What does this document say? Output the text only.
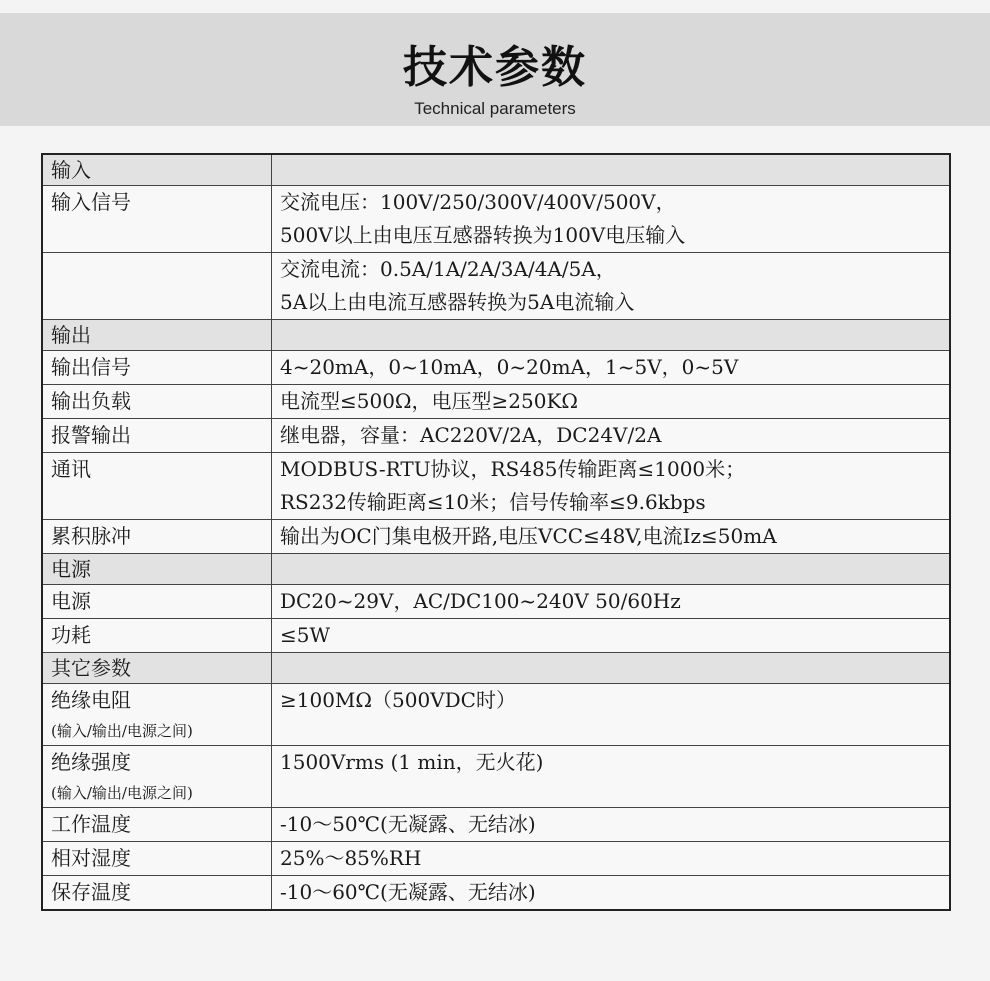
技术参数
Technical parameters
输入	

输入信号	交流电压：100V/250/300V/400V/500V，
500V以上由电压互感器转换为100V电压输入

	交流电流：0.5A/1A/2A/3A/4A/5A，
5A以上由电流互感器转换为5A电流输入

输出	

输出信号	4~20mA，0~10mA，0~20mA，1~5V，0~5V

输出负载	电流型≤500Ω，电压型≥250KΩ

报警输出	继电器，容量：AC220V/2A，DC24V/2A

通讯	MODBUS-RTU协议，RS485传输距离≤1000米；
RS232传输距离≤10米；信号传输率≤9.6kbps

累积脉冲	输出为OC门集电极开路,电压VCC≤48V,电流Iz≤50mA

电源	

电源	DC20~29V，AC/DC100~240V 50/60Hz

功耗	≤5W

其它参数	

绝缘电阻
(输入/输出/电源之间)	≥100MΩ（500VDC时）

绝缘强度
(输入/输出/电源之间)	1500Vrms (1 min，无火花)

工作温度	-10～50℃(无凝露、无结冰)

相对湿度	25%～85%RH

保存温度	-10～60℃(无凝露、无结冰)
